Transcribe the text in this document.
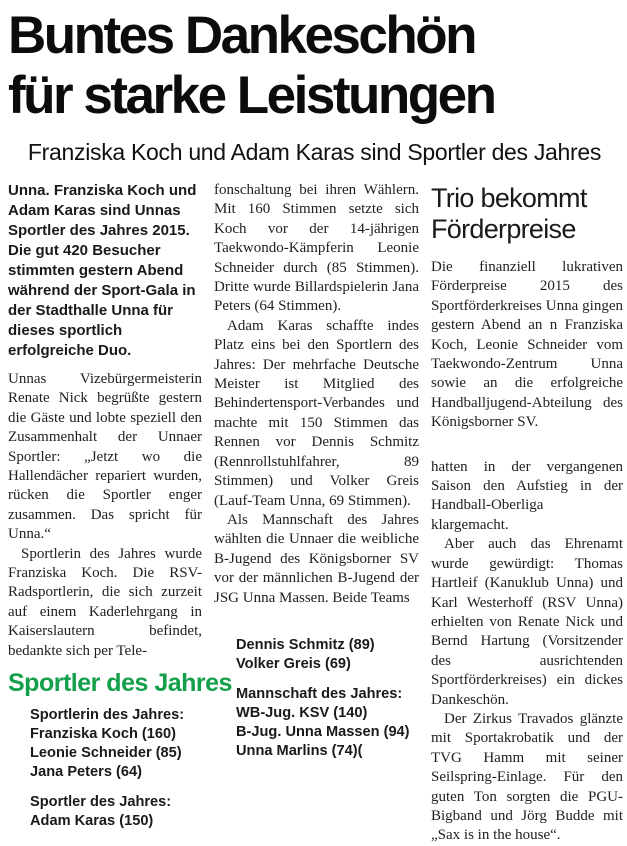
Buntes Dankeschön
für starke Leistungen
Franziska Koch und Adam Karas sind Sportler des Jahres

Unna. Franziska Koch und Adam Karas sind Unnas Sportler des Jahres 2015. Die gut 420 Besucher stimmten gestern Abend während der Sport-Gala in der Stadthalle Unna für dieses sportlich erfolgreiche Duo.

Unnas Vizebürgermeisterin Renate Nick begrüßte gestern die Gäste und lobte speziell den Zusammenhalt der Unnaer Sportler: „Jetzt wo die Hallendächer repariert wurden, rücken die Sportler enger zusammen. Das spricht für Unna.“

Sportlerin des Jahres wurde Franziska Koch. Die RSV-Radsportlerin, die sich zurzeit auf einem Kaderlehrgang in Kaiserslautern befindet, bedankte sich per Tele-

Sportler des Jahres
Sportlerin des Jahres:
Franziska Koch (160)
Leonie Schneider (85)
Jana Peters (64)
Sportler des Jahres:
Adam Karas (150)

fonschaltung bei ihren Wählern. Mit 160 Stimmen setzte sich Koch vor der 14-jährigen Taekwondo-Kämpferin Leonie Schneider durch (85 Stimmen). Dritte wurde Billardspielerin Jana Peters (64 Stimmen).

Adam Karas schaffte indes Platz eins bei den Sportlern des Jahres: Der mehrfache Deutsche Meister ist Mitglied des Behindertensport-Verbandes und machte mit 150 Stimmen das Rennen vor Dennis Schmitz (Rennrollstuhlfahrer, 89 Stimmen) und Volker Greis (Lauf-Team Unna, 69 Stimmen).

Als Mannschaft des Jahres wählten die Unnaer die weibliche B-Jugend des Königsborner SV vor der männlichen B-Jugend der JSG Unna Massen. Beide Teams

Dennis Schmitz (89)
Volker Greis (69)
Mannschaft des Jahres:
WB-Jug. KSV (140)
B-Jug. Unna Massen (94)
Unna Marlins (74)(
Trio bekommt Förderpreise

Die finanziell lukrativen Förderpreise 2015 des Sportförderkreises Unna gingen gestern Abend an n Franziska Koch, Leonie Schneider vom Taekwondo-Zentrum Unna sowie an die erfolgreiche Handballjugend-Abteilung des Königsborner SV.

hatten in der vergangenen Saison den Aufstieg in der Handball-Oberliga klargemacht.

Aber auch das Ehrenamt wurde gewürdigt: Thomas Hartleif (Kanuklub Unna) und Karl Westerhoff (RSV Unna) erhielten von Renate Nick und Bernd Hartung (Vorsitzender des ausrichtenden Sportförderkreises) ein dickes Dankeschön.

Der Zirkus Travados glänzte mit Sportakrobatik und der TVG Hamm mit seiner Seilspring-Einlage. Für den guten Ton sorgten die PGU-Bigband und Jörg Budde mit „Sax is in the house“.
